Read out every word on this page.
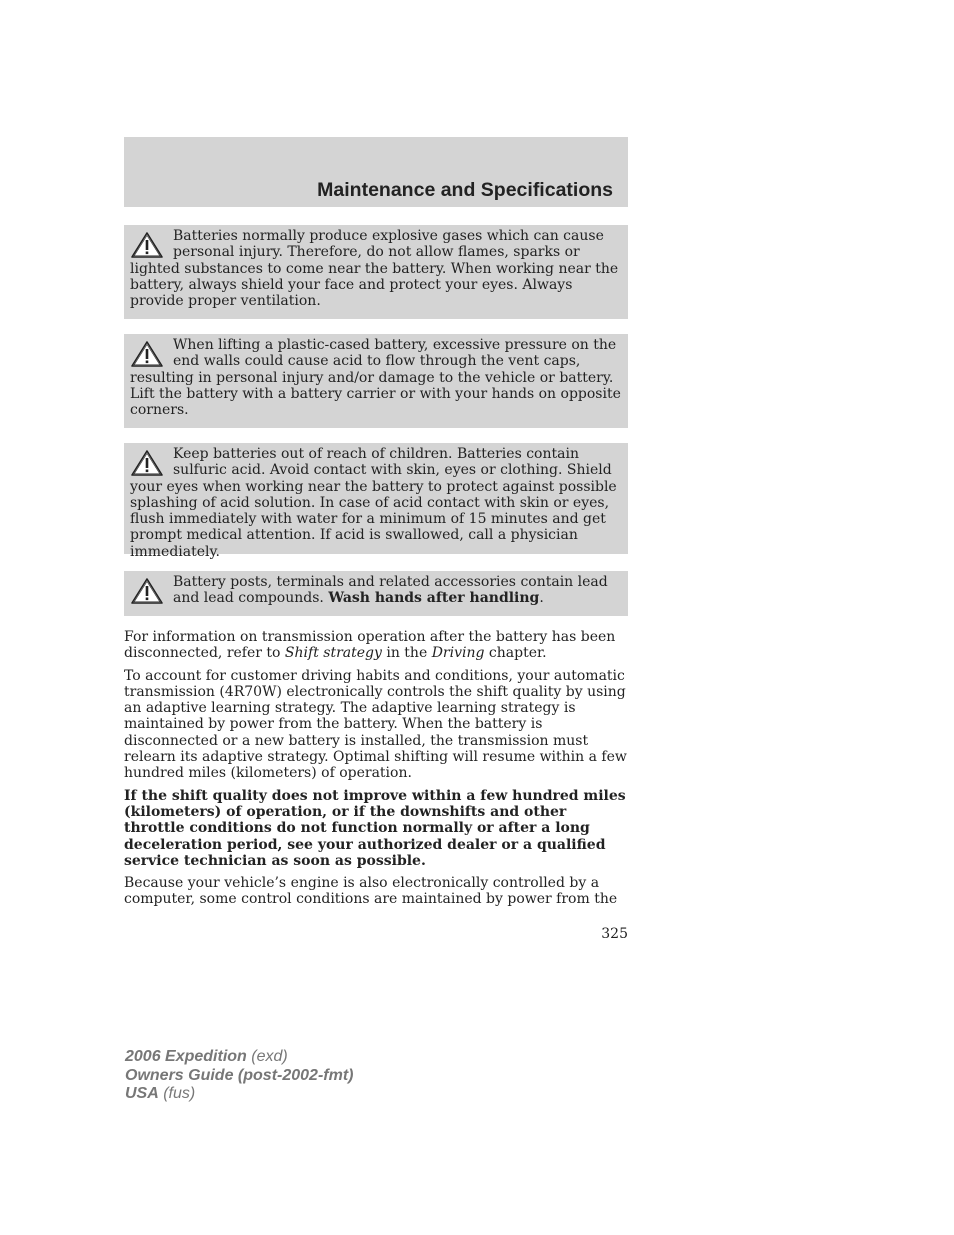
Maintenance and Specifications

Batteries normally produce explosive gases which can cause personal injury. Therefore, do not allow flames, sparks or lighted substances to come near the battery. When working near the battery, always shield your face and protect your eyes. Always provide proper ventilation.

When lifting a plastic-cased battery, excessive pressure on the end walls could cause acid to flow through the vent caps, resulting in personal injury and/or damage to the vehicle or battery. Lift the battery with a battery carrier or with your hands on opposite corners.

Keep batteries out of reach of children. Batteries contain sulfuric acid. Avoid contact with skin, eyes or clothing. Shield your eyes when working near the battery to protect against possible splashing of acid solution. In case of acid contact with skin or eyes, flush immediately with water for a minimum of 15 minutes and get prompt medical attention. If acid is swallowed, call a physician immediately.

Battery posts, terminals and related accessories contain lead and lead compounds. Wash hands after handling.

For information on transmission operation after the battery has been disconnected, refer to Shift strategy in the Driving chapter.

To account for customer driving habits and conditions, your automatic transmission (4R70W) electronically controls the shift quality by using an adaptive learning strategy. The adaptive learning strategy is maintained by power from the battery. When the battery is disconnected or a new battery is installed, the transmission must relearn its adaptive strategy. Optimal shifting will resume within a few hundred miles (kilometers) of operation.

If the shift quality does not improve within a few hundred miles (kilometers) of operation, or if the downshifts and other throttle conditions do not function normally or after a long deceleration period, see your authorized dealer or a qualified service technician as soon as possible.

Because your vehicle’s engine is also electronically controlled by a computer, some control conditions are maintained by power from the

325
2006 Expedition (exd)
Owners Guide (post-2002-fmt)
USA (fus)
